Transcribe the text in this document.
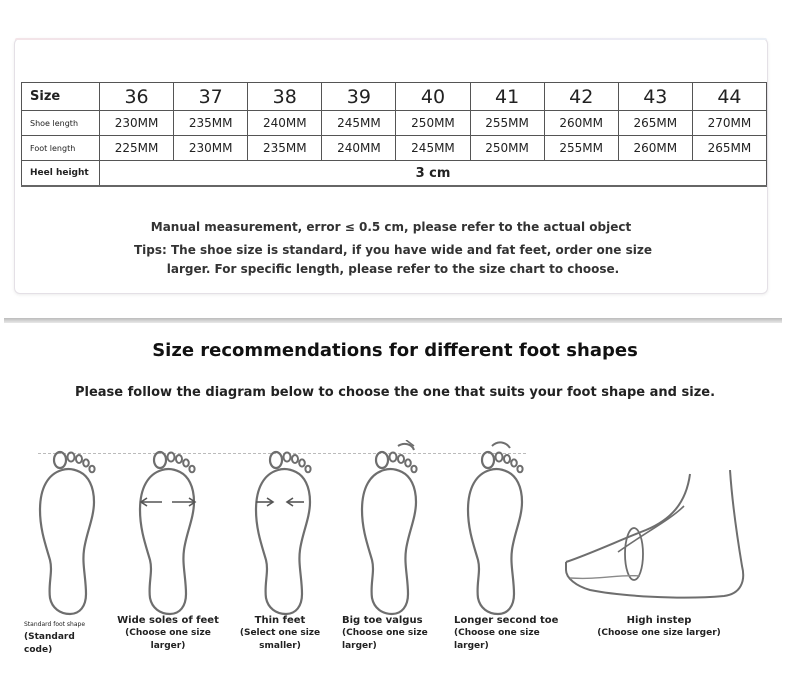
Size	36	37	38	39	40	41	42	43	44
Shoe length	230MM	235MM	240MM	245MM	250MM	255MM	260MM	265MM	270MM
Foot length	225MM	230MM	235MM	240MM	245MM	250MM	255MM	260MM	265MM
Heel height	3 cm								
Manual measurement, error ≤ 0.5 cm, please refer to the actual object
Tips: The shoe size is standard, if you have wide and fat feet, order one size larger. For specific length, please refer to the size chart to choose.
Size recommendations for different foot shapes
Please follow the diagram below to choose the one that suits your foot shape and size.
Standard foot shape
(Standard code)
Wide soles of feet
(Choose one size larger)
Thin feet
(Select one size smaller)
Big toe valgus
(Choose one size larger)
Longer second toe
(Choose one size larger)
High instep
(Choose one size larger)
